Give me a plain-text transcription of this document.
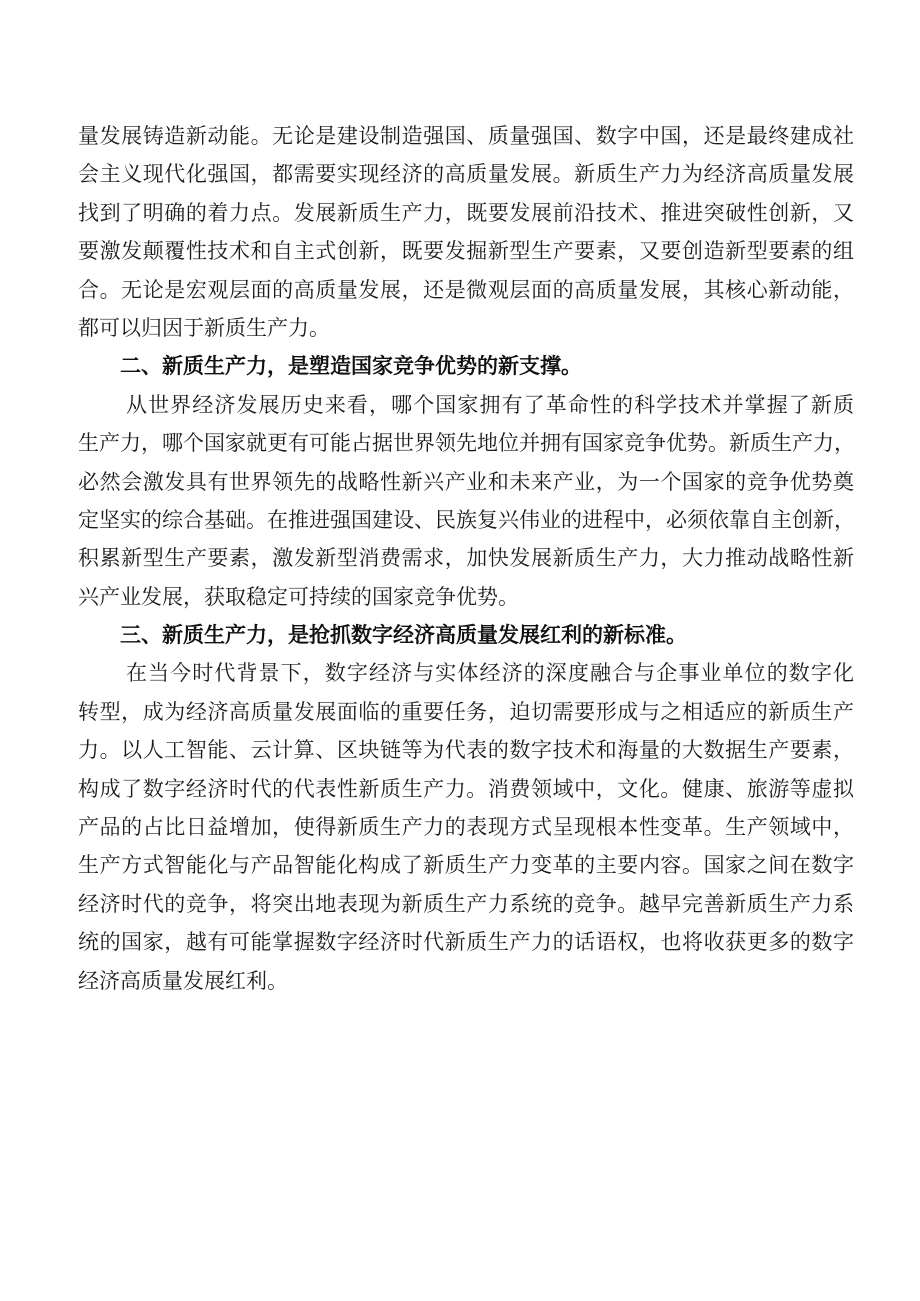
量发展铸造新动能。无论是建设制造强国、质量强国、数字中国，还是最终建成社
会主义现代化强国，都需要实现经济的高质量发展。新质生产力为经济高质量发展
找到了明确的着力点。发展新质生产力，既要发展前沿技术、推进突破性创新，又
要激发颠覆性技术和自主式创新，既要发掘新型生产要素，又要创造新型要素的组
合。无论是宏观层面的高质量发展，还是微观层面的高质量发展，其核心新动能，
都可以归因于新质生产力。
二、新质生产力，是塑造国家竞争优势的新支撑。
从世界经济发展历史来看，哪个国家拥有了革命性的科学技术并掌握了新质
生产力，哪个国家就更有可能占据世界领先地位并拥有国家竞争优势。新质生产力，
必然会激发具有世界领先的战略性新兴产业和未来产业，为一个国家的竞争优势奠
定坚实的综合基础。在推进强国建设、民族复兴伟业的进程中，必须依靠自主创新，
积累新型生产要素，激发新型消费需求，加快发展新质生产力，大力推动战略性新
兴产业发展，获取稳定可持续的国家竞争优势。
三、新质生产力，是抢抓数字经济高质量发展红利的新标准。
在当今时代背景下，数字经济与实体经济的深度融合与企事业单位的数字化
转型，成为经济高质量发展面临的重要任务，迫切需要形成与之相适应的新质生产
力。以人工智能、云计算、区块链等为代表的数字技术和海量的大数据生产要素，
构成了数字经济时代的代表性新质生产力。消费领域中，文化。健康、旅游等虚拟
产品的占比日益增加，使得新质生产力的表现方式呈现根本性变革。生产领域中，
生产方式智能化与产品智能化构成了新质生产力变革的主要内容。国家之间在数字
经济时代的竞争，将突出地表现为新质生产力系统的竞争。越早完善新质生产力系
统的国家，越有可能掌握数字经济时代新质生产力的话语权，也将收获更多的数字
经济高质量发展红利。
